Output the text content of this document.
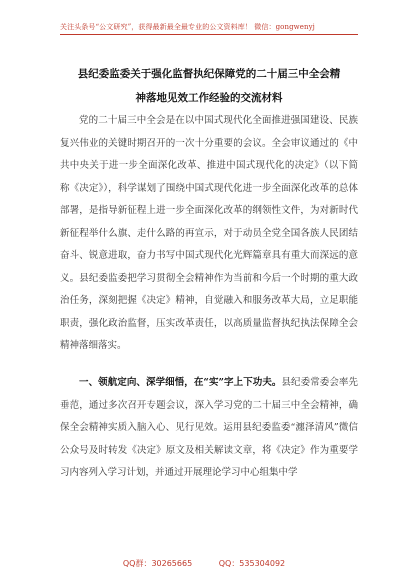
关注头条号“公文研究”，获得最新最全最专业的公文资料库！ 微信：gongwenyj
县纪委监委关于强化监督执纪保障党的二十届三中全会精
神落地见效工作经验的交流材料

党的二十届三中全会是在以中国式现代化全面推进强国建设、民族复兴伟业的关键时期召开的一次十分重要的会议。全会审议通过的《中共中央关于进一步全面深化改革、推进中国式现代化的决定》（以下简称《决定》），科学谋划了围绕中国式现代化进一步全面深化改革的总体部署，是指导新征程上进一步全面深化改革的纲领性文件，为对新时代新征程举什么旗、走什么路的再宣示，对于动员全党全国各族人民团结奋斗、锐意进取，奋力书写中国式现代化光辉篇章具有重大而深远的意义。县纪委监委把学习贯彻全会精神作为当前和今后一个时期的重大政治任务，深刻把握《决定》精神，自觉融入和服务改革大局，立足职能职责，强化政治监督，压实改革责任，以高质量监督执纪执法保障全会精神落细落实。

一、领航定向、深学细悟，在“实”字上下功夫。县纪委常委会率先垂范，通过多次召开专题会议，深入学习党的二十届三中全会精神，确保全会精神实质入脑入心、见行见效。运用县纪委监委“瀍泽清风”微信公众号及时转发《决定》原文及相关解读文章，将《决定》作为重要学习内容列入学习计划，并通过开展理论学习中心组集中学

QQ群：30265665	QQ：535304092
